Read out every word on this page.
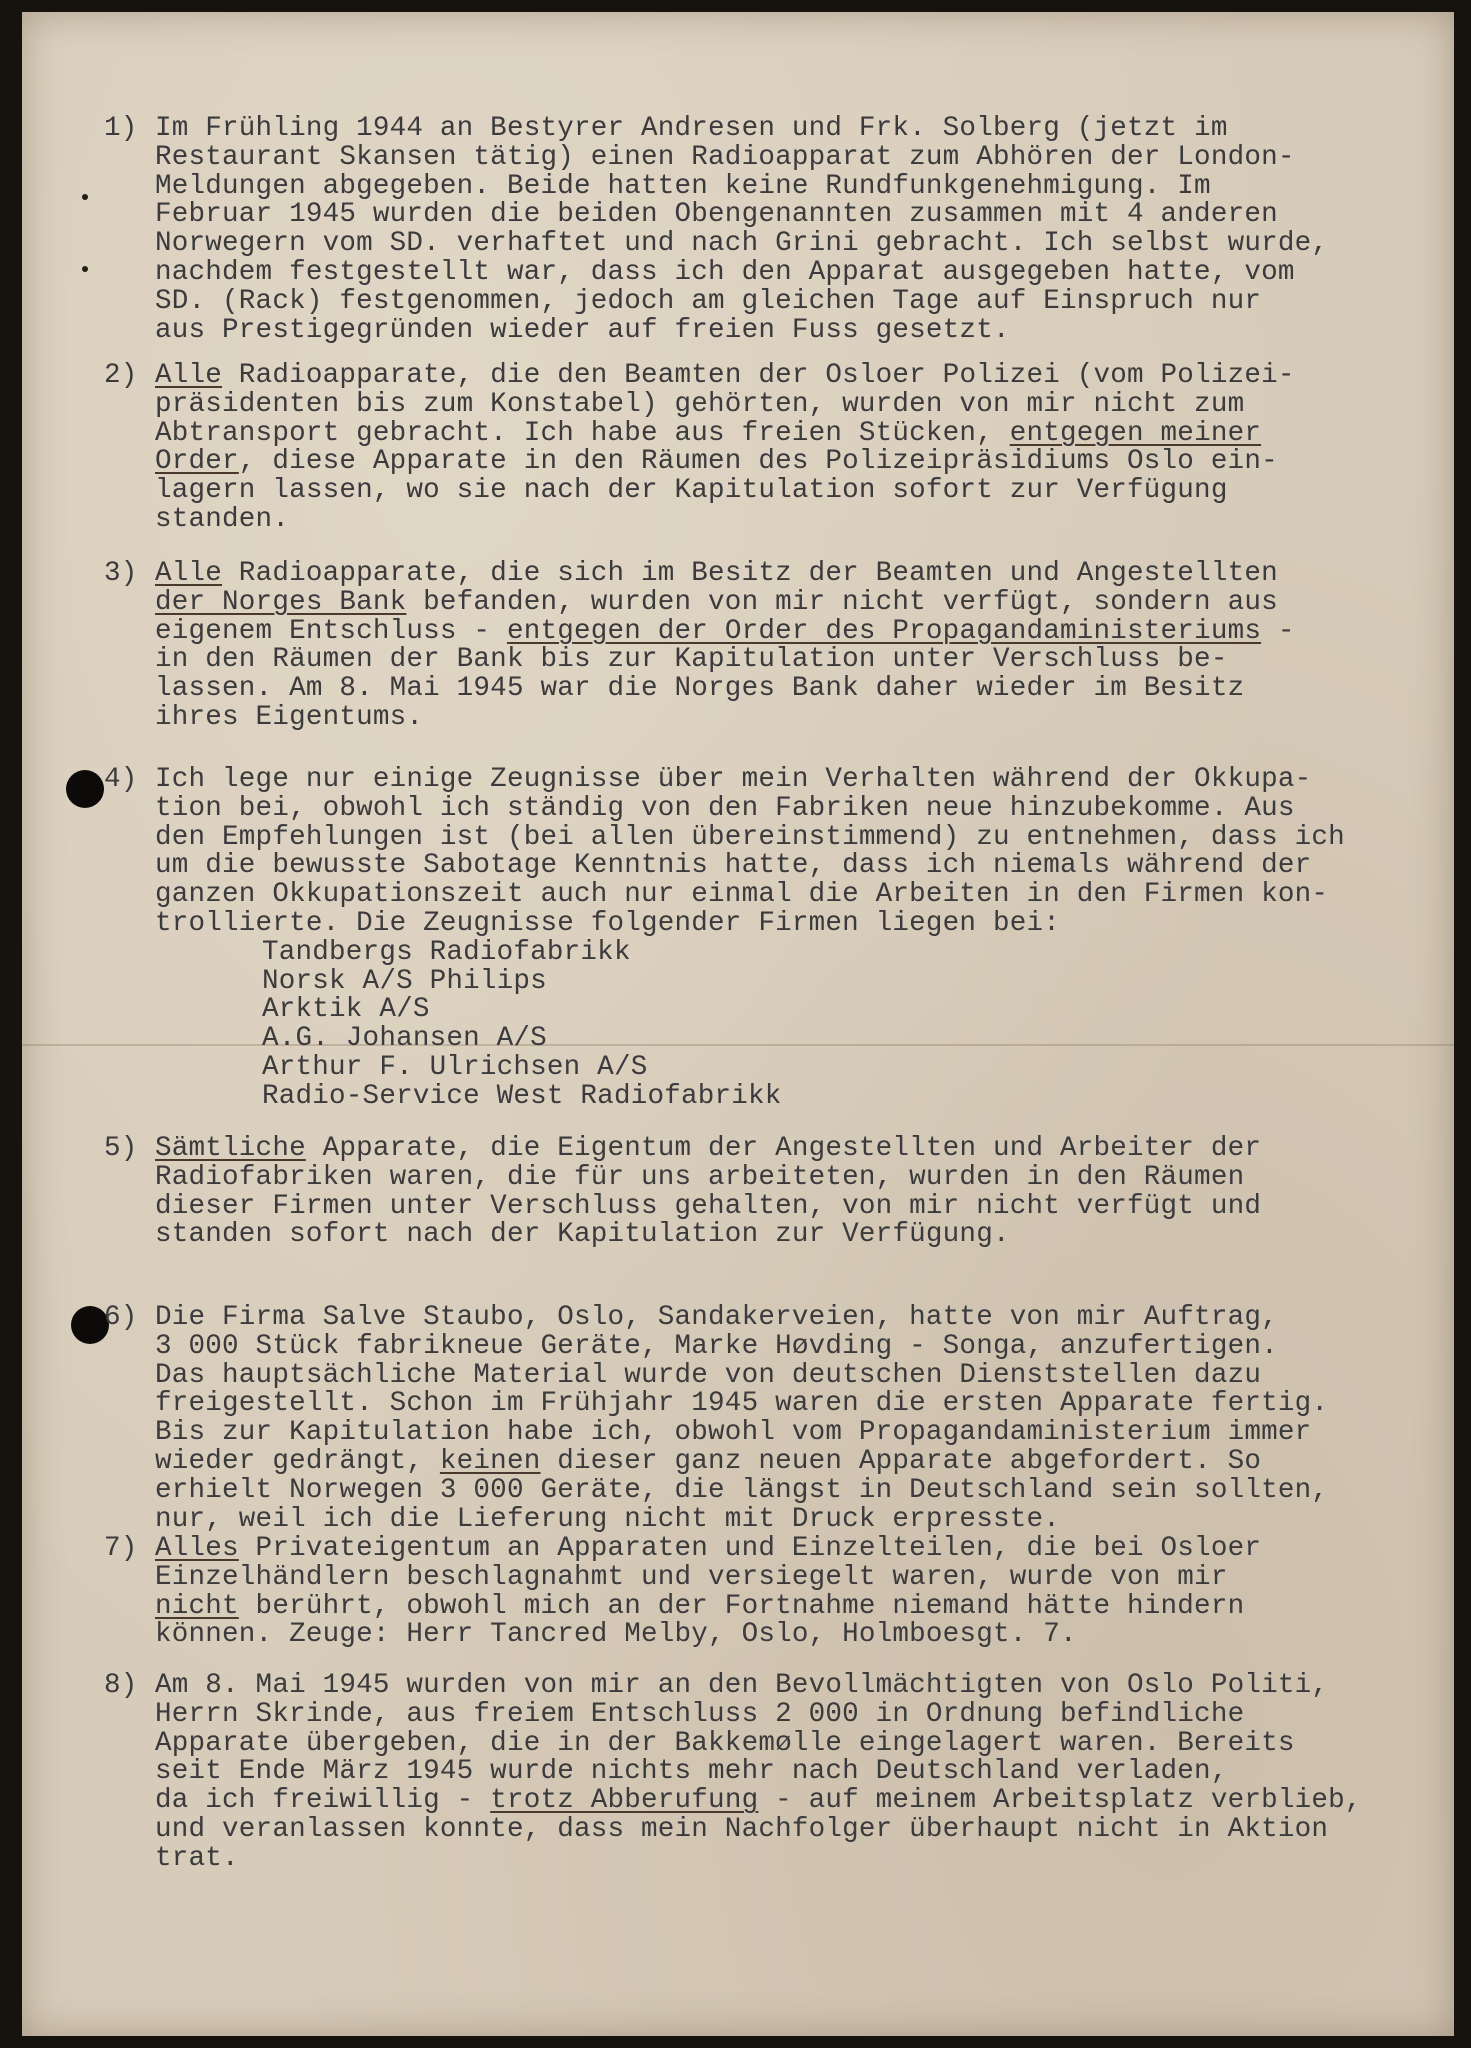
1) Im Frühling 1944 an Bestyrer Andresen und Frk. Solberg (jetzt im
Restaurant Skansen tätig) einen Radioapparat zum Abhören der London-
Meldungen abgegeben. Beide hatten keine Rundfunkgenehmigung. Im
Februar 1945 wurden die beiden Obengenannten zusammen mit 4 anderen
Norwegern vom SD. verhaftet und nach Grini gebracht. Ich selbst wurde,
nachdem festgestellt war, dass ich den Apparat ausgegeben hatte, vom
SD. (Rack) festgenommen, jedoch am gleichen Tage auf Einspruch nur
aus Prestigegründen wieder auf freien Fuss gesetzt.
2) Alle Radioapparate, die den Beamten der Osloer Polizei (vom Polizei-
präsidenten bis zum Konstabel) gehörten, wurden von mir nicht zum
Abtransport gebracht. Ich habe aus freien Stücken, entgegen meiner
Order, diese Apparate in den Räumen des Polizeipräsidiums Oslo ein-
lagern lassen, wo sie nach der Kapitulation sofort zur Verfügung
standen.
3) Alle Radioapparate, die sich im Besitz der Beamten und Angestellten
der Norges Bank befanden, wurden von mir nicht verfügt, sondern aus
eigenem Entschluss - entgegen der Order des Propagandaministeriums -
in den Räumen der Bank bis zur Kapitulation unter Verschluss be-
lassen. Am 8. Mai 1945 war die Norges Bank daher wieder im Besitz
ihres Eigentums.
4) Ich lege nur einige Zeugnisse über mein Verhalten während der Okkupa-
tion bei, obwohl ich ständig von den Fabriken neue hinzubekomme. Aus
den Empfehlungen ist (bei allen übereinstimmend) zu entnehmen, dass ich
um die bewusste Sabotage Kenntnis hatte, dass ich niemals während der
ganzen Okkupationszeit auch nur einmal die Arbeiten in den Firmen kon-
trollierte. Die Zeugnisse folgender Firmen liegen bei:
Tandbergs Radiofabrikk
Norsk A/S Philips
Arktik A/S
A.G. Johansen A/S
Arthur F. Ulrichsen A/S
Radio-Service West Radiofabrikk
5) Sämtliche Apparate, die Eigentum der Angestellten und Arbeiter der
Radiofabriken waren, die für uns arbeiteten, wurden in den Räumen
dieser Firmen unter Verschluss gehalten, von mir nicht verfügt und
standen sofort nach der Kapitulation zur Verfügung.
6) Die Firma Salve Staubo, Oslo, Sandakerveien, hatte von mir Auftrag,
3 000 Stück fabrikneue Geräte, Marke Høvding - Songa, anzufertigen.
Das hauptsächliche Material wurde von deutschen Dienststellen dazu
freigestellt. Schon im Frühjahr 1945 waren die ersten Apparate fertig.
Bis zur Kapitulation habe ich, obwohl vom Propagandaministerium immer
wieder gedrängt, keinen dieser ganz neuen Apparate abgefordert. So
erhielt Norwegen 3 000 Geräte, die längst in Deutschland sein sollten,
nur, weil ich die Lieferung nicht mit Druck erpresste.
7) Alles Privateigentum an Apparaten und Einzelteilen, die bei Osloer
Einzelhändlern beschlagnahmt und versiegelt waren, wurde von mir
nicht berührt, obwohl mich an der Fortnahme niemand hätte hindern
können. Zeuge: Herr Tancred Melby, Oslo, Holmboesgt. 7.
8) Am 8. Mai 1945 wurden von mir an den Bevollmächtigten von Oslo Politi,
Herrn Skrinde, aus freiem Entschluss 2 000 in Ordnung befindliche
Apparate übergeben, die in der Bakkemølle eingelagert waren. Bereits
seit Ende März 1945 wurde nichts mehr nach Deutschland verladen,
da ich freiwillig - trotz Abberufung - auf meinem Arbeitsplatz verblieb,
und veranlassen konnte, dass mein Nachfolger überhaupt nicht in Aktion
trat.
